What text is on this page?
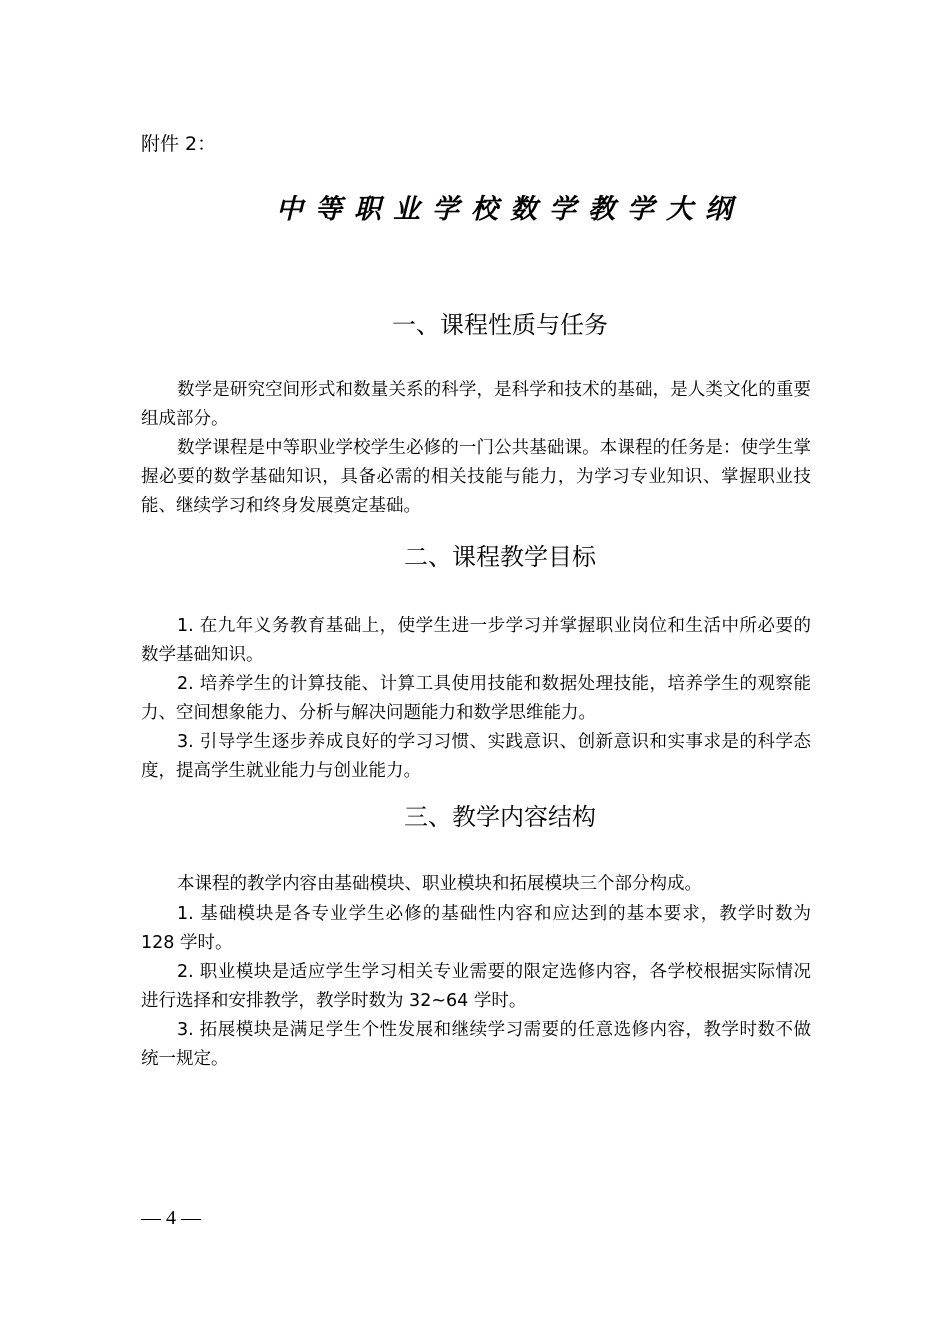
附件 2：
中等职业学校数学教学大纲
一、课程性质与任务
数学是研究空间形式和数量关系的科学，是科学和技术的基础，是人类文化的重要组成部分。
数学课程是中等职业学校学生必修的一门公共基础课。本课程的任务是：使学生掌握必要的数学基础知识，具备必需的相关技能与能力，为学习专业知识、掌握职业技能、继续学习和终身发展奠定基础。
二、课程教学目标
1. 在九年义务教育基础上，使学生进一步学习并掌握职业岗位和生活中所必要的数学基础知识。
2. 培养学生的计算技能、计算工具使用技能和数据处理技能，培养学生的观察能力、空间想象能力、分析与解决问题能力和数学思维能力。
3. 引导学生逐步养成良好的学习习惯、实践意识、创新意识和实事求是的科学态度，提高学生就业能力与创业能力。
三、教学内容结构
本课程的教学内容由基础模块、职业模块和拓展模块三个部分构成。
1. 基础模块是各专业学生必修的基础性内容和应达到的基本要求，教学时数为 128 学时。
2. 职业模块是适应学生学习相关专业需要的限定选修内容，各学校根据实际情况进行选择和安排教学，教学时数为 32~64 学时。
3. 拓展模块是满足学生个性发展和继续学习需要的任意选修内容，教学时数不做统一规定。
— 4 —
